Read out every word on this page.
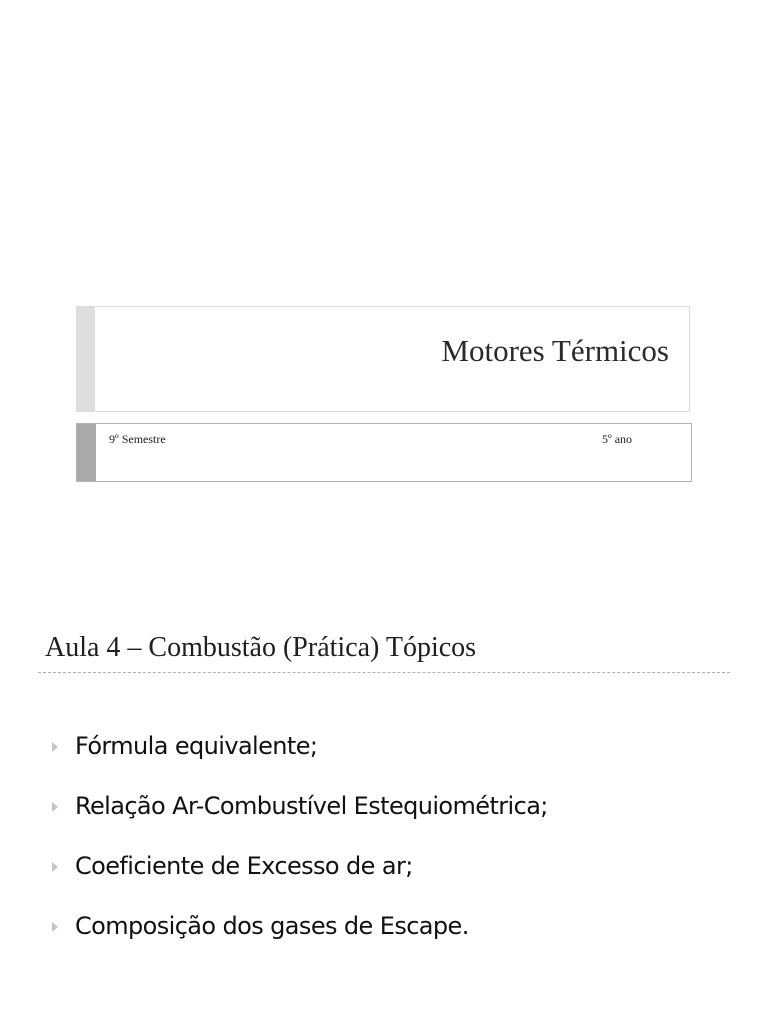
Motores Térmicos
9º Semestre	5º ano
Aula 4 – Combustão (Prática) Tópicos
Fórmula equivalente;
Relação Ar-Combustível Estequiométrica;
Coeficiente de Excesso de ar;
Composição dos gases de Escape.
